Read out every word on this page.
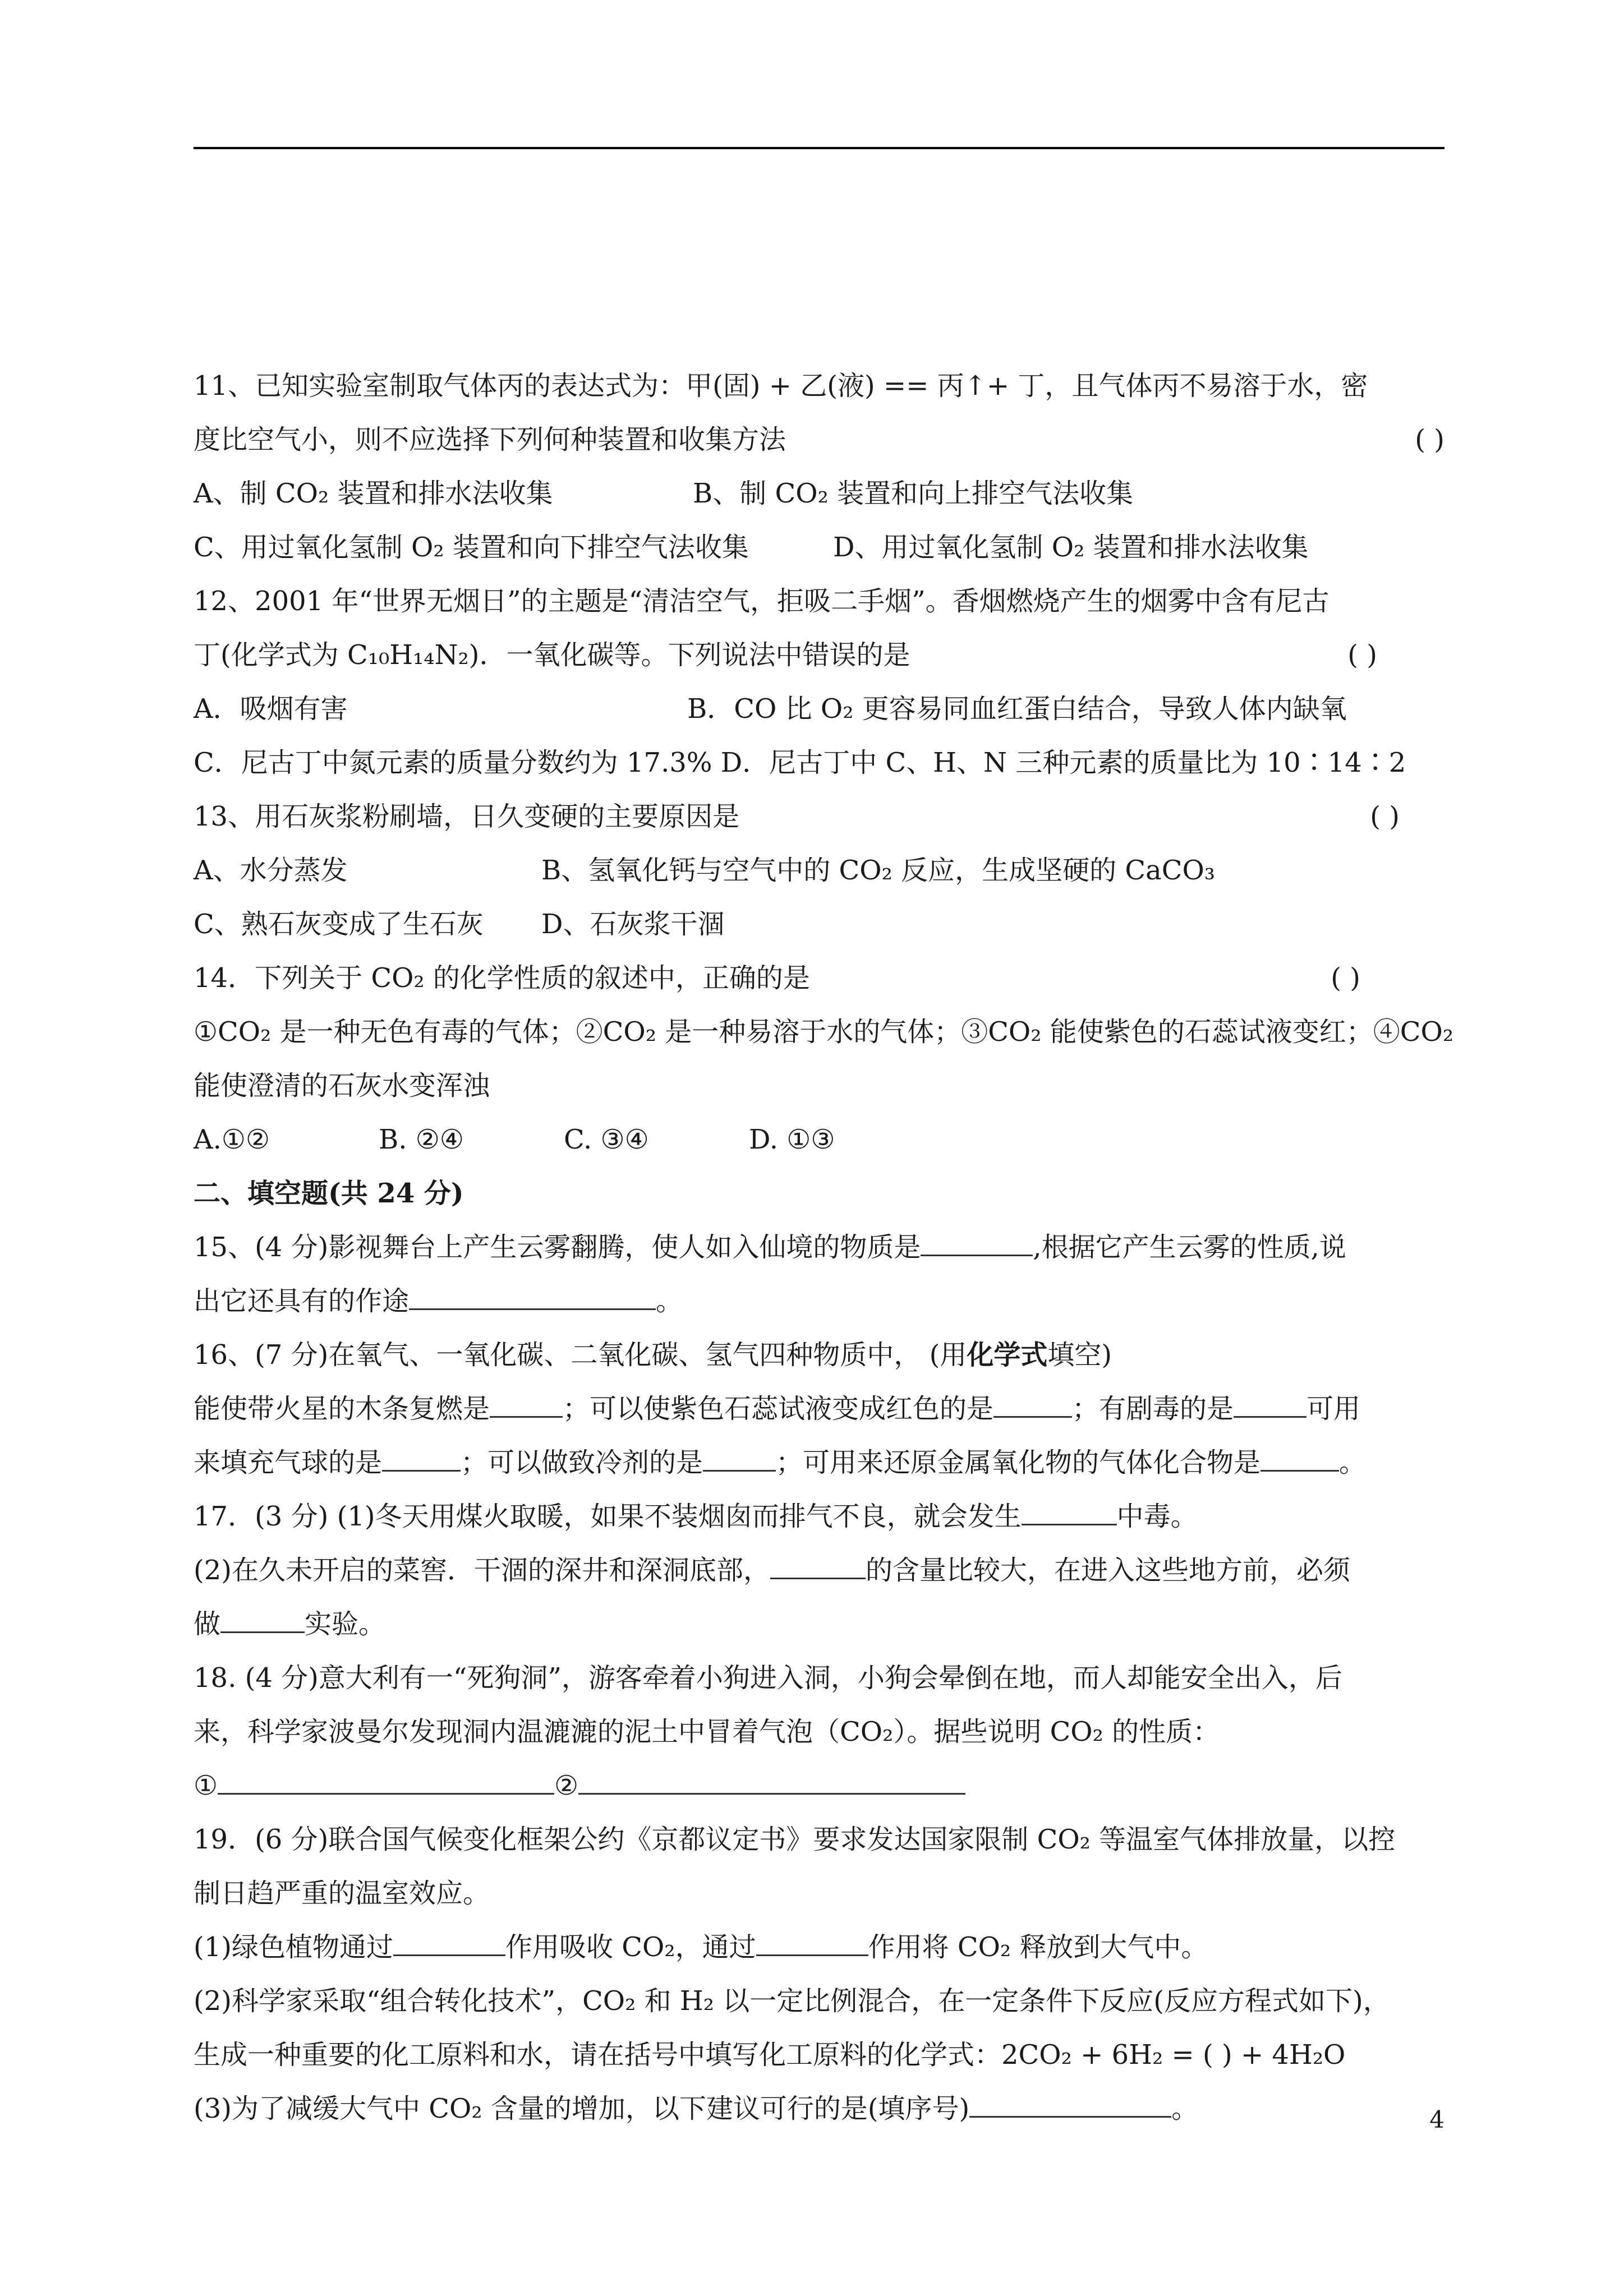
11、已知实验室制取气体丙的表达式为：甲(固) + 乙(液) == 丙↑+ 丁，且气体丙不易溶于水，密
度比空气小，则不应选择下列何种装置和收集方法	( )
A、制 CO₂ 装置和排水法收集	B、制 CO₂ 装置和向上排空气法收集
C、用过氧化氢制 O₂ 装置和向下排空气法收集	D、用过氧化氢制 O₂ 装置和排水法收集
12、2001 年“世界无烟日”的主题是“清洁空气，拒吸二手烟”。香烟燃烧产生的烟雾中含有尼古
丁(化学式为 C₁₀H₁₄N₂)．一氧化碳等。下列说法中错误的是	( )
A．吸烟有害	B．CO 比 O₂ 更容易同血红蛋白结合，导致人体内缺氧
C．尼古丁中氮元素的质量分数约为 17.3% D．尼古丁中 C、H、N 三种元素的质量比为 10∶14∶2
13、用石灰浆粉刷墙，日久变硬的主要原因是	( )
A、水分蒸发	B、氢氧化钙与空气中的 CO₂ 反应，生成坚硬的 CaCO₃
C、熟石灰变成了生石灰 D、石灰浆干涸
14．下列关于 CO₂ 的化学性质的叙述中，正确的是	( )
①CO₂ 是一种无色有毒的气体；②CO₂ 是一种易溶于水的气体；③CO₂ 能使紫色的石蕊试液变红；④CO₂
能使澄清的石灰水变浑浊
A.①②	B. ②④	C. ③④	D. ①③
二、填空题(共 24 分)
15、(4 分)影视舞台上产生云雾翻腾，使人如入仙境的物质是	,根据它产生云雾的性质,说
出它还具有的作途	。
16、(7 分)在氧气、一氧化碳、二氧化碳、氢气四种物质中， (用化学式填空)
能使带火星的木条复燃是	；可以使紫色石蕊试液变成红色的是	；有剧毒的是	可用
来填充气球的是	；可以做致冷剂的是	；可用来还原金属氧化物的气体化合物是	。
17．(3 分) (1)冬天用煤火取暖，如果不装烟囱而排气不良，就会发生	中毒。
(2)在久未开启的菜窖．干涸的深井和深洞底部，	的含量比较大，在进入这些地方前，必须
做	实验。
18. (4 分)意大利有一“死狗洞”，游客牵着小狗进入洞，小狗会晕倒在地，而人却能安全出入，后
来，科学家波曼尔发现洞内温漉漉的泥土中冒着气泡（CO₂）。据些说明 CO₂ 的性质：
①	②
19．(6 分)联合国气候变化框架公约《京都议定书》要求发达国家限制 CO₂ 等温室气体排放量，以控
制日趋严重的温室效应。
(1)绿色植物通过	作用吸收 CO₂，通过	作用将 CO₂ 释放到大气中。
(2)科学家采取“组合转化技术”，CO₂ 和 H₂ 以一定比例混合，在一定条件下反应(反应方程式如下)，
生成一种重要的化工原料和水，请在括号中填写化工原料的化学式：2CO₂ + 6H₂ = ( ) + 4H₂O
(3)为了减缓大气中 CO₂ 含量的增加，以下建议可行的是(填序号)	。	4
